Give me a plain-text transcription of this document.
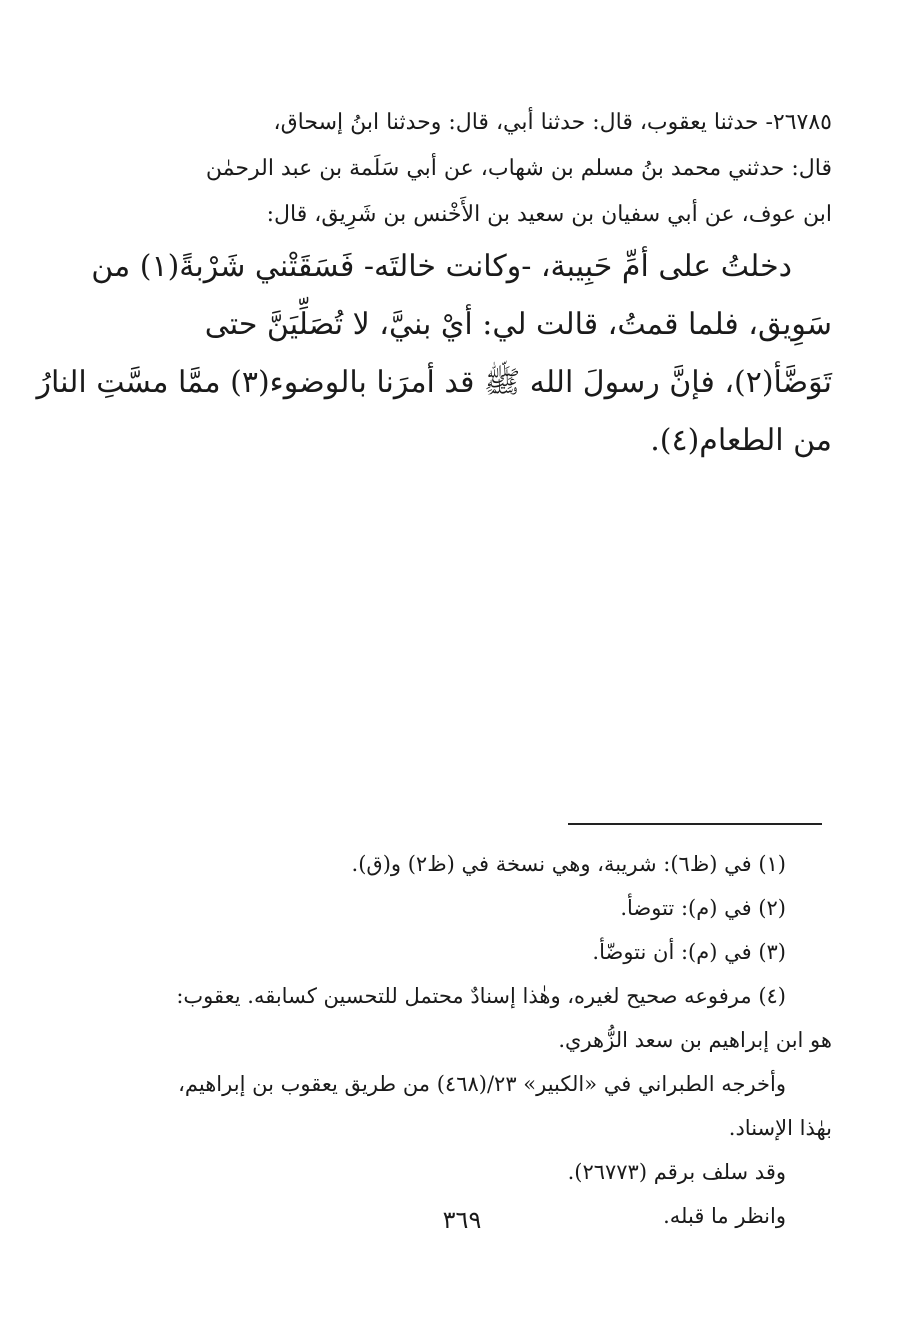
٢٦٧٨٥- حدثنا يعقوب، قال: حدثنا أبي، قال: وحدثنا ابنُ إسحاق،

قال: حدثني محمد بنُ مسلم بن شهاب، عن أبي سَلَمة بن عبد الرحمٰن

ابن عوف، عن أبي سفيان بن سعيد بن الأَخْنس بن شَرِيق، قال:

دخلتُ على أمِّ حَبِيبة، -وكانت خالتَه- فَسَقَتْني شَرْبةً(١) من

سَوِيق، فلما قمتُ، قالت لي: أيْ بنيَّ، لا تُصَلِّيَنَّ حتى

تَوَضَّأ(٢)، فإنَّ رسولَ الله ﷺ قد أمرَنا بالوضوء(٣) ممَّا مسَّتِ النارُ

من الطعام(٤).

(١) في (ظ٦): شريبة، وهي نسخة في (ظ٢) و(ق).

(٢) في (م): تتوضأ.

(٣) في (م): أن نتوضّأ.

(٤) مرفوعه صحيح لغيره، وهٰذا إسنادٌ محتمل للتحسين كسابقه. يعقوب:

هو ابن إبراهيم بن سعد الزُّهري.

وأخرجه الطبراني في «الكبير» ٢٣/(٤٦٨) من طريق يعقوب بن إبراهيم،

بهٰذا الإسناد.

وقد سلف برقم (٢٦٧٧٣).

وانظر ما قبله.

٣٦٩
